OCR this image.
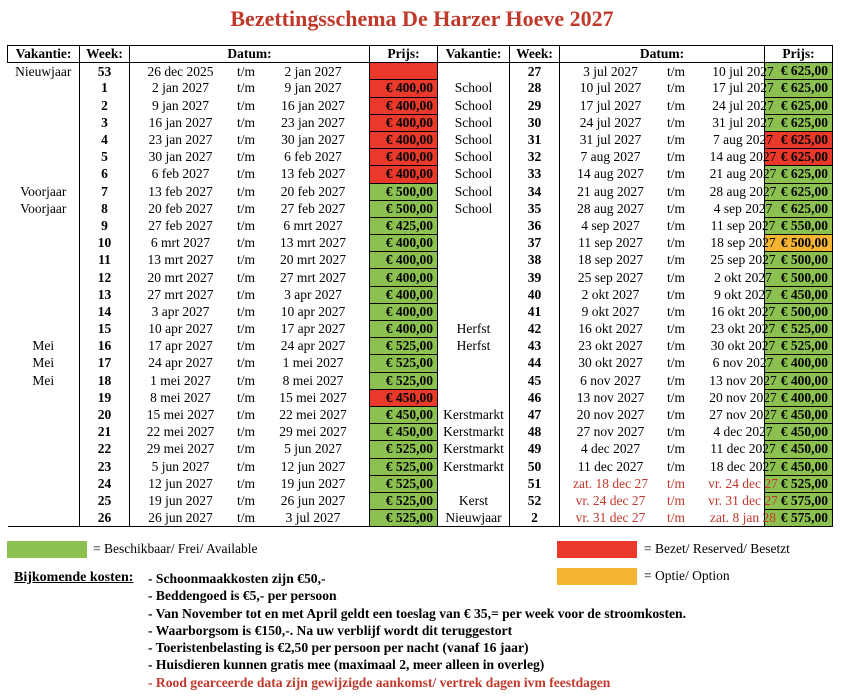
Bezettingsschema De Harzer Hoeve 2027
Vakantie:	Week:	Datum:	Prijs:	Vakantie:	Week:	Datum:	Prijs:
Nieuwjaar	53	26 dec 2025 t/m 2 jan 2027			27	3 jul 2027 t/m 10 jul 2027	€ 625,00
	1	2 jan 2027 t/m 9 jan 2027	€ 400,00	School	28	10 jul 2027 t/m 17 jul 2027	€ 625,00
	2	9 jan 2027 t/m 16 jan 2027	€ 400,00	School	29	17 jul 2027 t/m 24 jul 2027	€ 625,00
	3	16 jan 2027 t/m 23 jan 2027	€ 400,00	School	30	24 jul 2027 t/m 31 jul 2027	€ 625,00
	4	23 jan 2027 t/m 30 jan 2027	€ 400,00	School	31	31 jul 2027 t/m 7 aug 2027	€ 625,00
	5	30 jan 2027 t/m 6 feb 2027	€ 400,00	School	32	7 aug 2027 t/m 14 aug 2027	€ 625,00
	6	6 feb 2027 t/m 13 feb 2027	€ 400,00	School	33	14 aug 2027 t/m 21 aug 2027	€ 625,00
Voorjaar	7	13 feb 2027 t/m 20 feb 2027	€ 500,00	School	34	21 aug 2027 t/m 28 aug 2027	€ 625,00
Voorjaar	8	20 feb 2027 t/m 27 feb 2027	€ 500,00	School	35	28 aug 2027 t/m 4 sep 2027	€ 625,00
	9	27 feb 2027 t/m 6 mrt 2027	€ 425,00		36	4 sep 2027 t/m 11 sep 2027	€ 550,00
	10	6 mrt 2027 t/m 13 mrt 2027	€ 400,00		37	11 sep 2027 t/m 18 sep 2027	€ 500,00
	11	13 mrt 2027 t/m 20 mrt 2027	€ 400,00		38	18 sep 2027 t/m 25 sep 2027	€ 500,00
	12	20 mrt 2027 t/m 27 mrt 2027	€ 400,00		39	25 sep 2027 t/m 2 okt 2027	€ 500,00
	13	27 mrt 2027 t/m 3 apr 2027	€ 400,00		40	2 okt 2027 t/m 9 okt 2027	€ 450,00
	14	3 apr 2027 t/m 10 apr 2027	€ 400,00		41	9 okt 2027 t/m 16 okt 2027	€ 500,00
	15	10 apr 2027 t/m 17 apr 2027	€ 400,00	Herfst	42	16 okt 2027 t/m 23 okt 2027	€ 525,00
Mei	16	17 apr 2027 t/m 24 apr 2027	€ 525,00	Herfst	43	23 okt 2027 t/m 30 okt 2027	€ 525,00
Mei	17	24 apr 2027 t/m 1 mei 2027	€ 525,00		44	30 okt 2027 t/m 6 nov 2027	€ 400,00
Mei	18	1 mei 2027 t/m 8 mei 2027	€ 525,00		45	6 nov 2027 t/m 13 nov 2027	€ 400,00
	19	8 mei 2027 t/m 15 mei 2027	€ 450,00		46	13 nov 2027 t/m 20 nov 2027	€ 400,00
	20	15 mei 2027 t/m 22 mei 2027	€ 450,00	Kerstmarkt	47	20 nov 2027 t/m 27 nov 2027	€ 450,00
	21	22 mei 2027 t/m 29 mei 2027	€ 450,00	Kerstmarkt	48	27 nov 2027 t/m 4 dec 2027	€ 450,00
	22	29 mei 2027 t/m 5 jun 2027	€ 525,00	Kerstmarkt	49	4 dec 2027 t/m 11 dec 2027	€ 450,00
	23	5 jun 2027 t/m 12 jun 2027	€ 525,00	Kerstmarkt	50	11 dec 2027 t/m 18 dec 2027	€ 450,00
	24	12 jun 2027 t/m 19 jun 2027	€ 525,00		51	zat. 18 dec 27 t/m vr. 24 dec 27	€ 525,00
	25	19 jun 2027 t/m 26 jun 2027	€ 525,00	Kerst	52	vr. 24 dec 27 t/m vr. 31 dec 27	€ 575,00
	26	26 jun 2027 t/m 3 jul 2027	€ 525,00	Nieuwjaar	2	vr. 31 dec 27 t/m zat. 8 jan 28	€ 575,00
= Beschikbaar/ Frei/ Available	= Bezet/ Reserved/ Besetzt
= Optie/ Option
Bijkomende kosten: - Schoonmaakkosten zijn €50,-
- Beddengoed is €5,- per persoon
- Van November tot en met April geldt een toeslag van € 35,= per week voor de stroomkosten.
- Waarborgsom is €150,-. Na uw verblijf wordt dit teruggestort
- Toeristenbelasting is €2,50 per persoon per nacht (vanaf 16 jaar)
- Huisdieren kunnen gratis mee (maximaal 2, meer alleen in overleg)
- Rood gearceerde data zijn gewijzigde aankomst/ vertrek dagen ivm feestdagen
